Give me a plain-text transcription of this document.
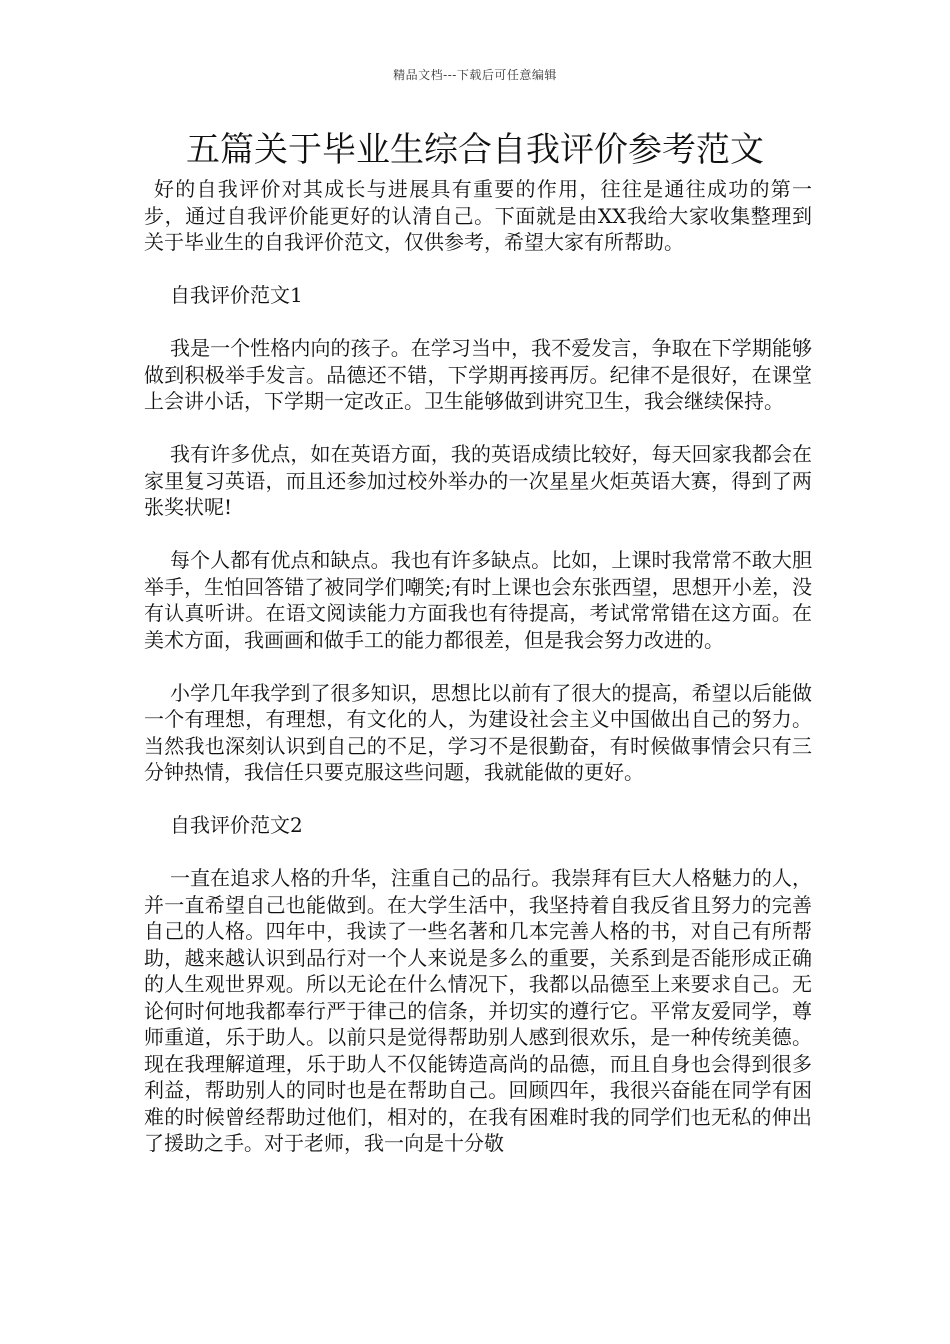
精品文档---下载后可任意编辑
五篇关于毕业生综合自我评价参考范文

好的自我评价对其成长与进展具有重要的作用，往往是通往成功的第一步，通过自我评价能更好的认清自己。下面就是由XX我给大家收集整理到关于毕业生的自我评价范文，仅供参考，希望大家有所帮助。

自我评价范文1

我是一个性格内向的孩子。在学习当中，我不爱发言，争取在下学期能够做到积极举手发言。品德还不错，下学期再接再厉。纪律不是很好，在课堂上会讲小话，下学期一定改正。卫生能够做到讲究卫生，我会继续保持。

我有许多优点，如在英语方面，我的英语成绩比较好，每天回家我都会在家里复习英语，而且还参加过校外举办的一次星星火炬英语大赛，得到了两张奖状呢!

每个人都有优点和缺点。我也有许多缺点。比如，上课时我常常不敢大胆举手，生怕回答错了被同学们嘲笑;有时上课也会东张西望，思想开小差，没有认真听讲。在语文阅读能力方面我也有待提高，考试常常错在这方面。在美术方面，我画画和做手工的能力都很差，但是我会努力改进的。

小学几年我学到了很多知识，思想比以前有了很大的提高，希望以后能做一个有理想，有理想，有文化的人，为建设社会主义中国做出自己的努力。 当然我也深刻认识到自己的不足，学习不是很勤奋，有时候做事情会只有三分钟热情，我信任只要克服这些问题，我就能做的更好。

自我评价范文2

一直在追求人格的升华，注重自己的品行。我崇拜有巨大人格魅力的人，并一直希望自己也能做到。在大学生活中，我坚持着自我反省且努力的完善自己的人格。四年中，我读了一些名著和几本完善人格的书，对自己有所帮助，越来越认识到品行对一个人来说是多么的重要，关系到是否能形成正确的人生观世界观。所以无论在什么情况下，我都以品德至上来要求自己。无论何时何地我都奉行严于律己的信条，并切实的遵行它。平常友爱同学，尊师重道，乐于助人。以前只是觉得帮助别人感到很欢乐，是一种传统美德。现在我理解道理，乐于助人不仅能铸造高尚的品德，而且自身也会得到很多利益，帮助别人的同时也是在帮助自己。回顾四年，我很兴奋能在同学有困难的时候曾经帮助过他们，相对的，在我有困难时我的同学们也无私的伸出了援助之手。对于老师，我一向是十分敬
